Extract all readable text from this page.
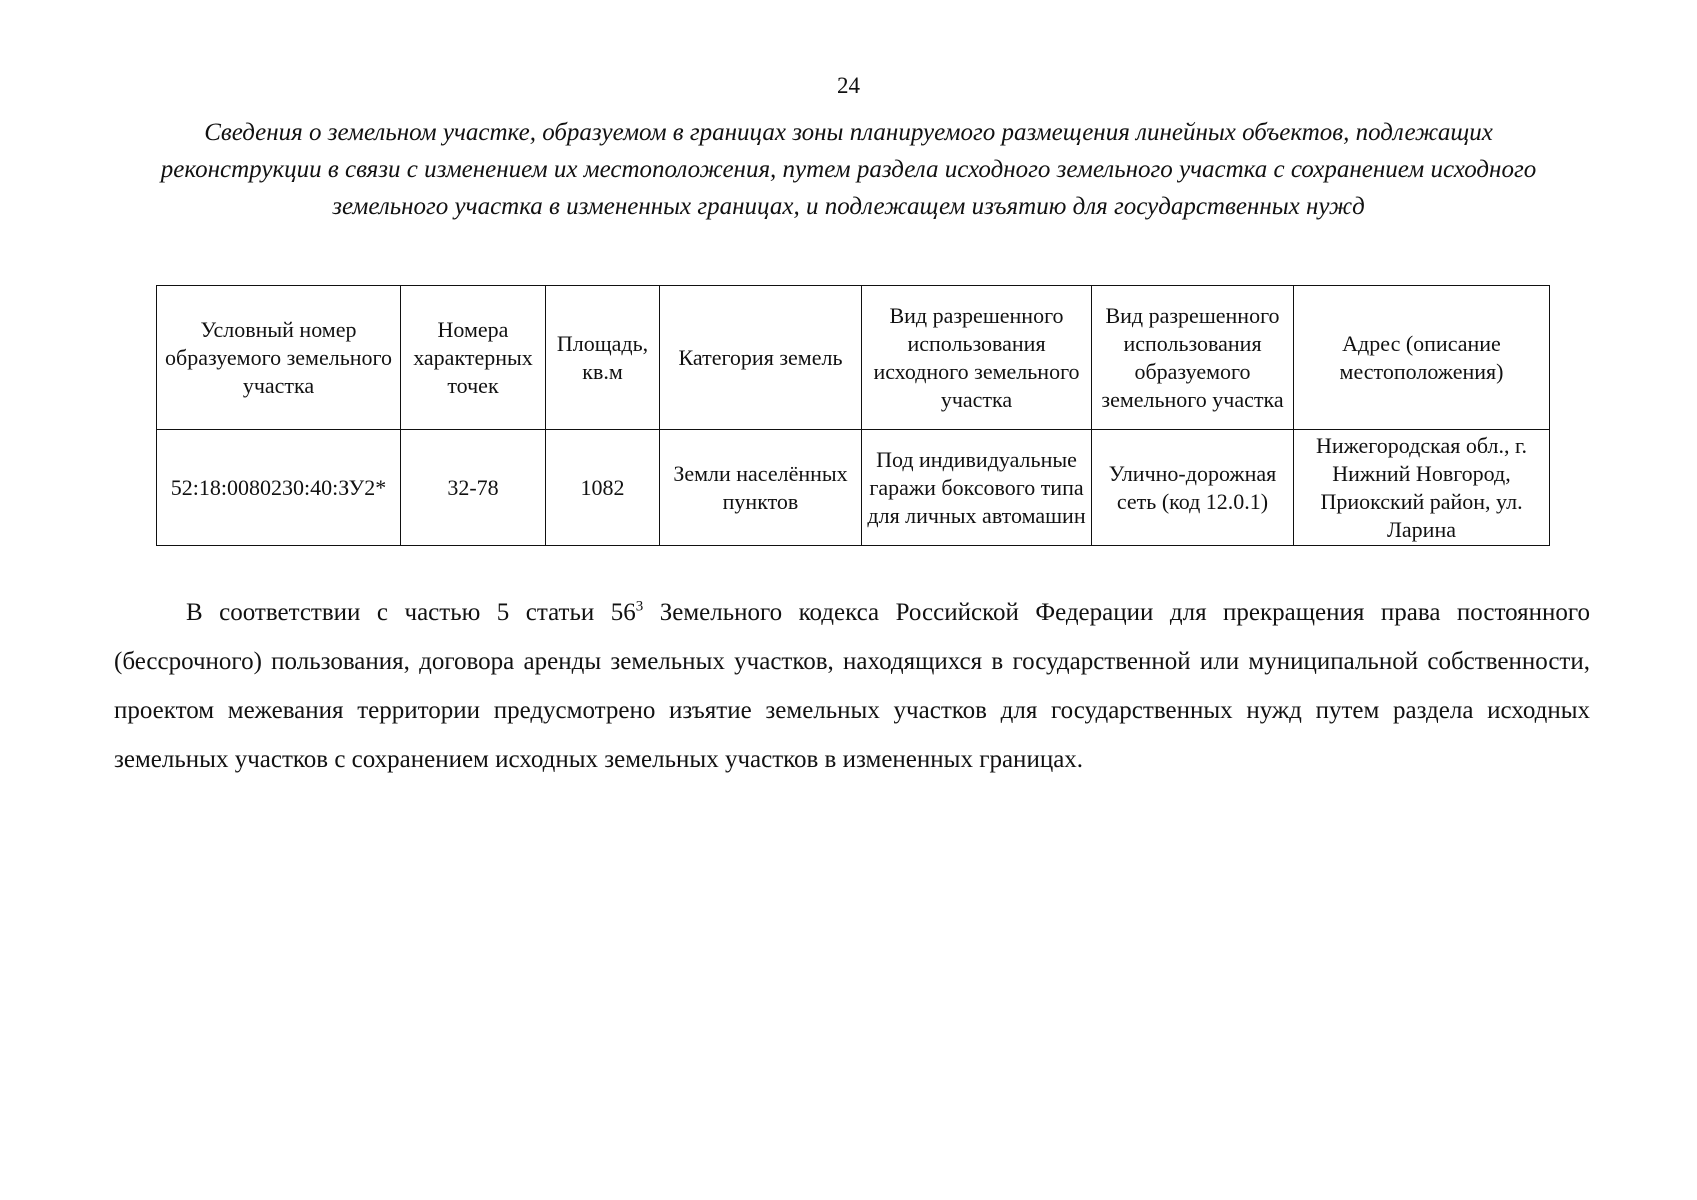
24

Сведения о земельном участке, образуемом в границах зоны планируемого размещения линейных объектов, подлежащих реконструкции в связи с изменением их местоположения, путем раздела исходного земельного участка с сохранением исходного земельного участка в измененных границах, и подлежащем изъятию для государственных нужд

Условный номер образуемого земельного участка	Номера характерных точек	Площадь, кв.м	Категория земель	Вид разрешенного использования исходного земельного участка	Вид разрешенного использования образуемого земельного участка	Адрес (описание местоположения)
52:18:0080230:40:ЗУ2*	32-78	1082	Земли населённых пунктов	Под индивидуальные гаражи боксового типа для личных автомашин	Улично-дорожная сеть (код 12.0.1)	Нижегородская обл., г. Нижний Новгород, Приокский район, ул. Ларина

В соответствии с частью 5 статьи $56^3$ Земельного кодекса Российской Федерации для прекращения права постоянного (бессрочного) пользования, договора аренды земельных участков, находящихся в государственной или муниципальной собственности, проектом межевания территории предусмотрено изъятие земельных участков для государственных нужд путем раздела исходных земельных участков с сохранением исходных земельных участков в измененных границах.
